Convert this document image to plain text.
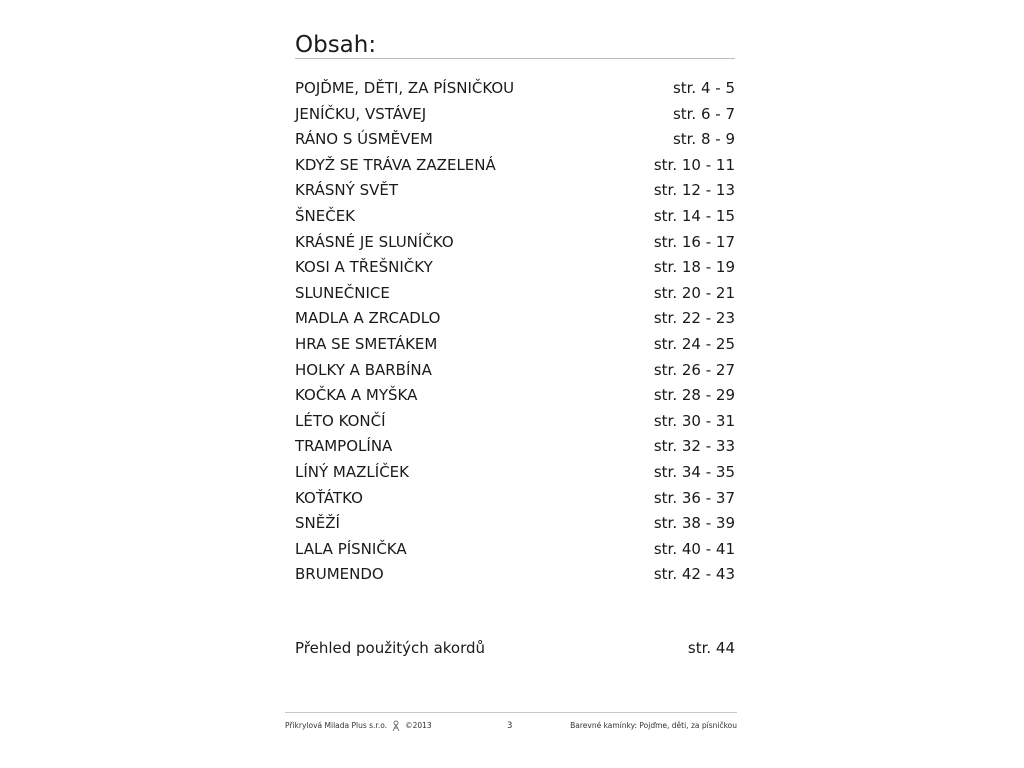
Obsah:
POJĎME, DĚTI, ZA PÍSNIČKOU	str. 4 - 5
JENÍČKU, VSTÁVEJ	str. 6 - 7
RÁNO S ÚSMĚVEM	str. 8 - 9
KDYŽ SE TRÁVA ZAZELENÁ	str. 10 - 11
KRÁSNÝ SVĚT	str. 12 - 13
ŠNEČEK	str. 14 - 15
KRÁSNÉ JE SLUNÍČKO	str. 16 - 17
KOSI A TŘEŠNIČKY	str. 18 - 19
SLUNEČNICE	str. 20 - 21
MADLA A ZRCADLO	str. 22 - 23
HRA SE SMETÁKEM	str. 24 - 25
HOLKY A BARBÍNA	str. 26 - 27
KOČKA A MYŠKA	str. 28 - 29
LÉTO KONČÍ	str. 30 - 31
TRAMPOLÍNA	str. 32 - 33
LÍNÝ MAZLÍČEK	str. 34 - 35
KOŤÁTKO	str. 36 - 37
SNĚŽÍ	str. 38 - 39
LALA PÍSNIČKA	str. 40 - 41
BRUMENDO	str. 42 - 43
Přehled použitých akordů	str. 44
Přikrylová Milada Plus s.r.o. ©2013	3	Barevné kamínky: Pojďme, děti, za písničkou
